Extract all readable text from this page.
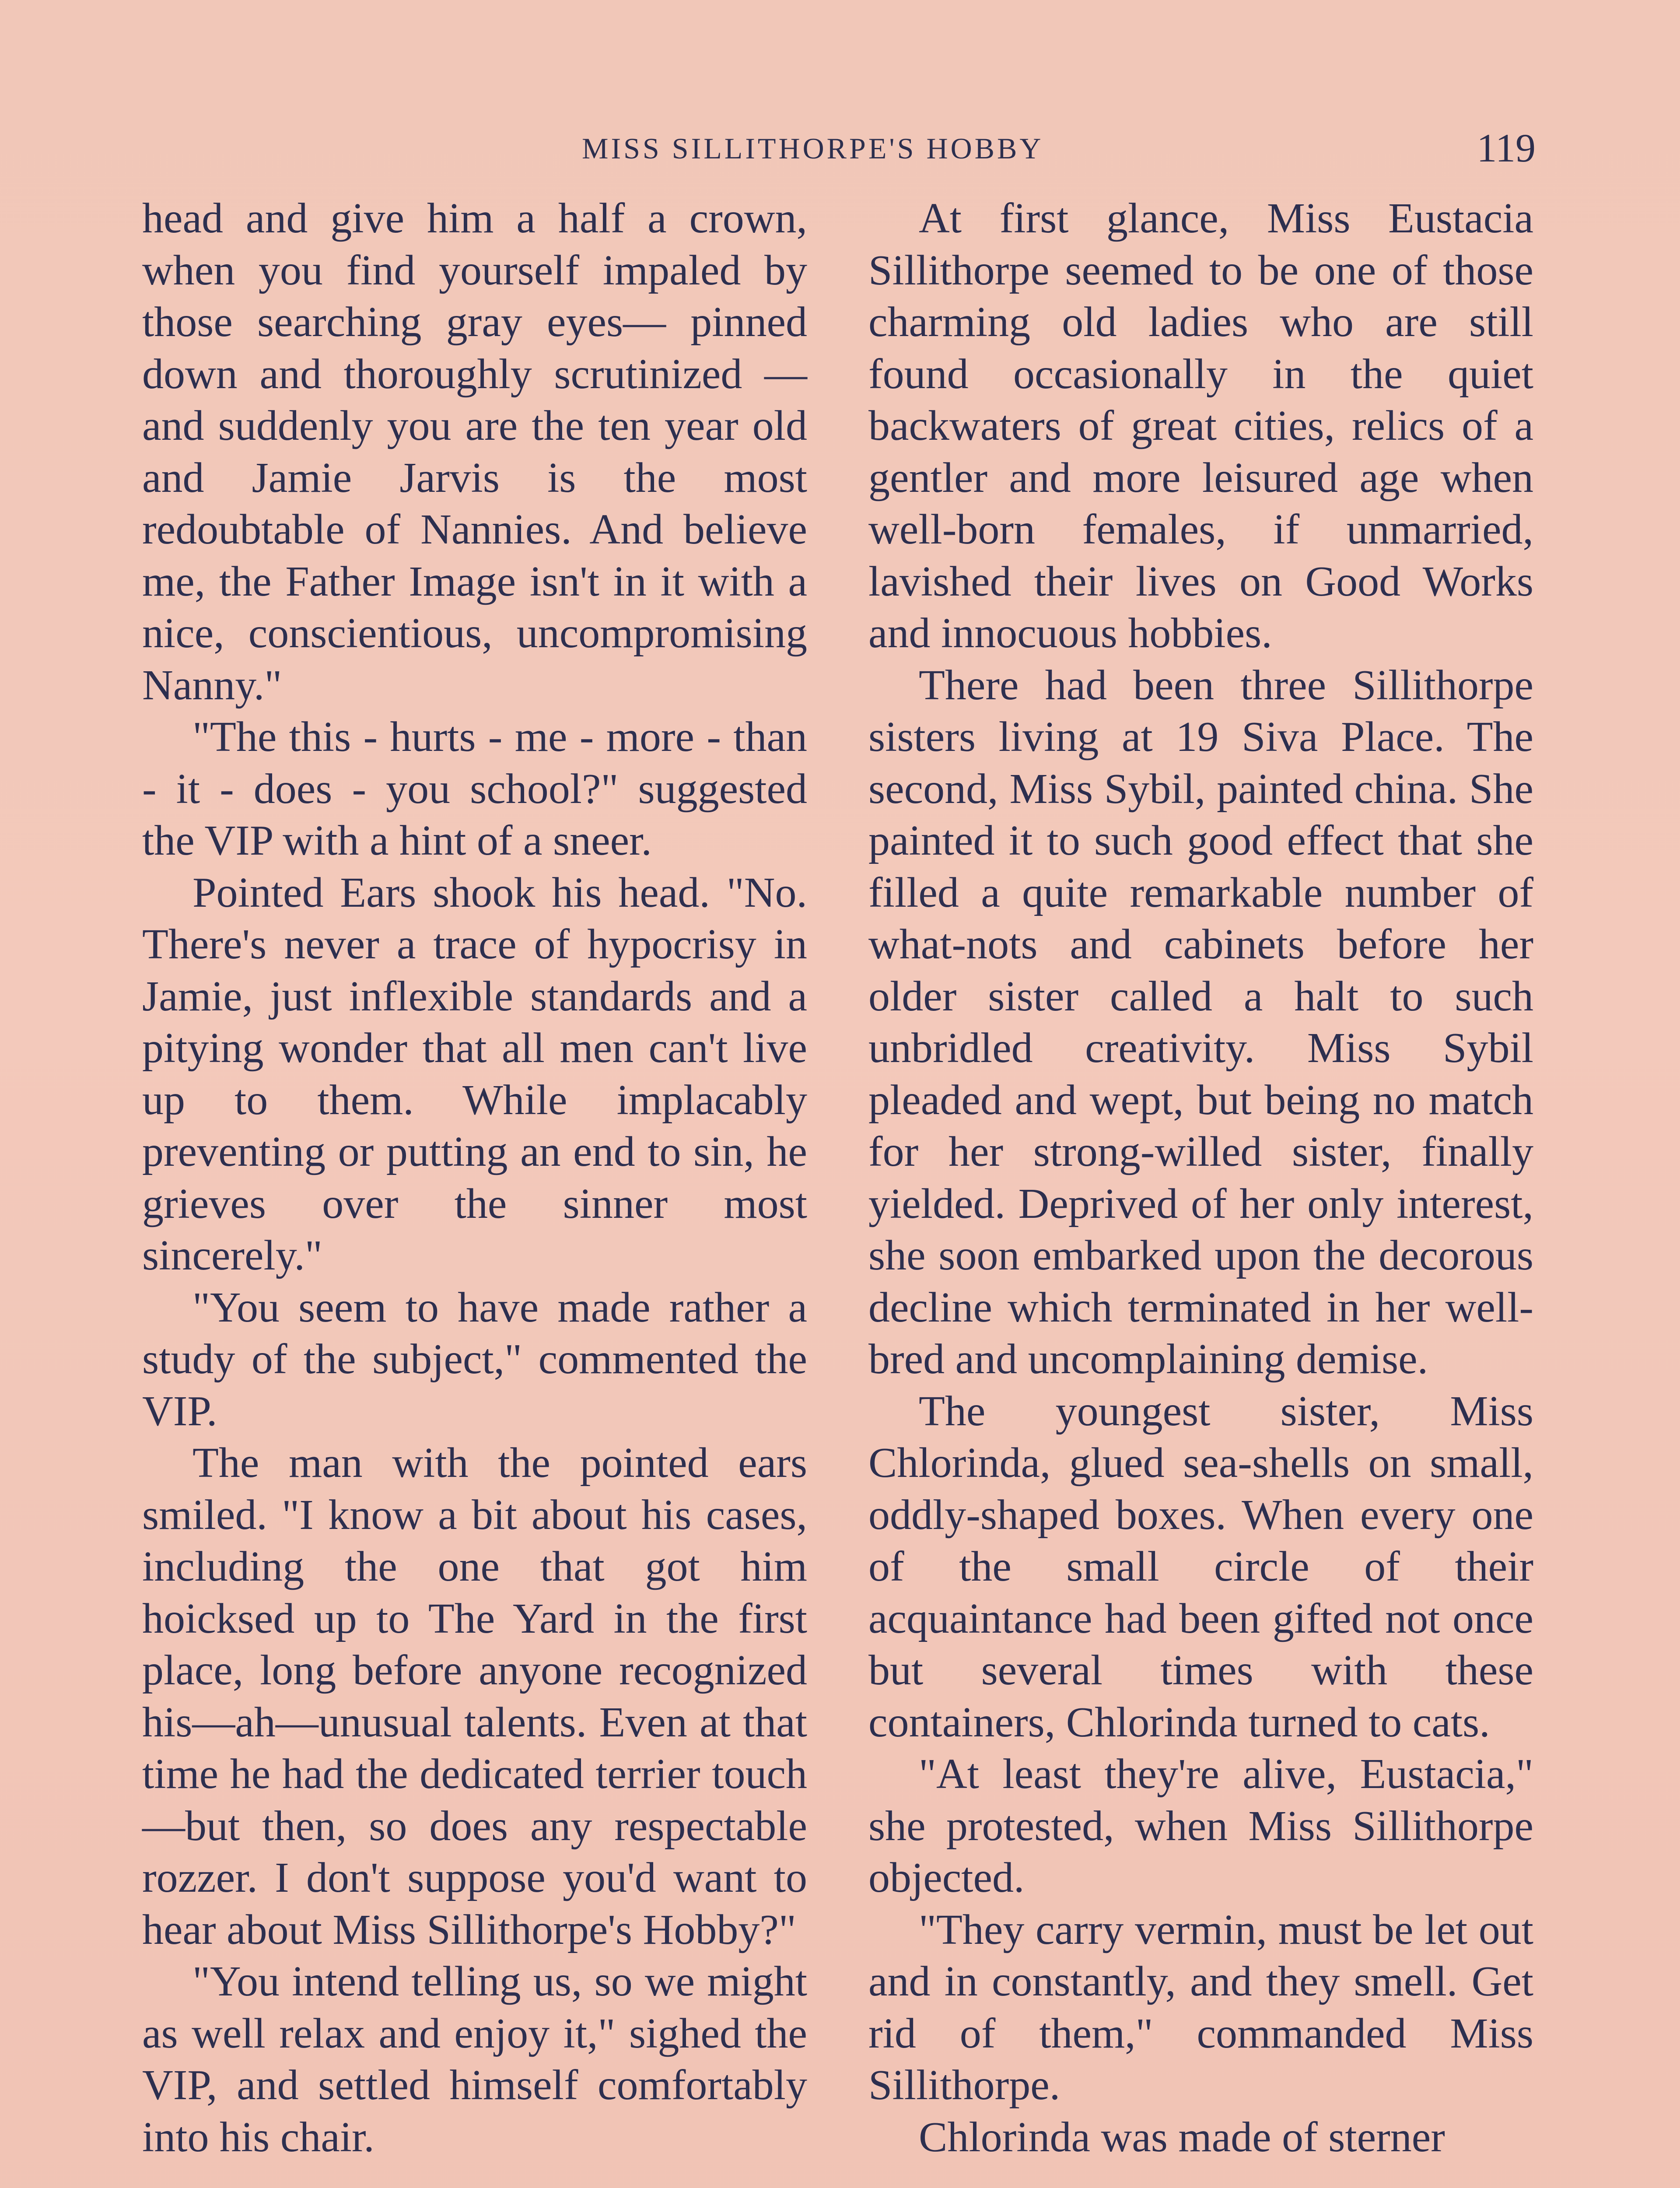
MISS SILLITHORPE'S HOBBY	119

head and give him a half a crown, when you find yourself impaled by those searching gray eyes— pinned down and thoroughly scrutinized — and suddenly you are the ten year old and Jamie Jarvis is the most redoubtable of Nannies. And believe me, the Father Image isn't in it with a nice, conscientious, uncompromising Nanny."

"The this - hurts - me - more - than - it - does - you school?" suggested the VIP with a hint of a sneer.

Pointed Ears shook his head. "No. There's never a trace of hypocrisy in Jamie, just inflexible standards and a pitying wonder that all men can't live up to them. While implacably preventing or putting an end to sin, he grieves over the sinner most sincerely."

"You seem to have made rather a study of the subject," commented the VIP.

The man with the pointed ears smiled. "I know a bit about his cases, including the one that got him hoicksed up to The Yard in the first place, long before anyone recognized his—ah—unusual talents. Even at that time he had the dedicated terrier touch—but then, so does any respectable rozzer. I don't suppose you'd want to hear about Miss Sillithorpe's Hobby?"

"You intend telling us, so we might as well relax and enjoy it," sighed the VIP, and settled himself comfortably into his chair.

At first glance, Miss Eustacia Sillithorpe seemed to be one of those charming old ladies who are still found occasionally in the quiet backwaters of great cities, relics of a gentler and more leisured age when well-born females, if unmarried, lavished their lives on Good Works and innocuous hobbies.

There had been three Sillithorpe sisters living at 19 Siva Place. The second, Miss Sybil, painted china. She painted it to such good effect that she filled a quite remarkable number of what-nots and cabinets before her older sister called a halt to such unbridled creativity. Miss Sybil pleaded and wept, but being no match for her strong-willed sister, finally yielded. Deprived of her only interest, she soon embarked upon the decorous decline which terminated in her well-bred and uncomplaining demise.

The youngest sister, Miss Chlorinda, glued sea-shells on small, oddly-shaped boxes. When every one of the small circle of their acquaintance had been gifted not once but several times with these containers, Chlorinda turned to cats.

"At least they're alive, Eustacia," she protested, when Miss Sillithorpe objected.

"They carry vermin, must be let out and in constantly, and they smell. Get rid of them," commanded Miss Sillithorpe.

Chlorinda was made of sterner
